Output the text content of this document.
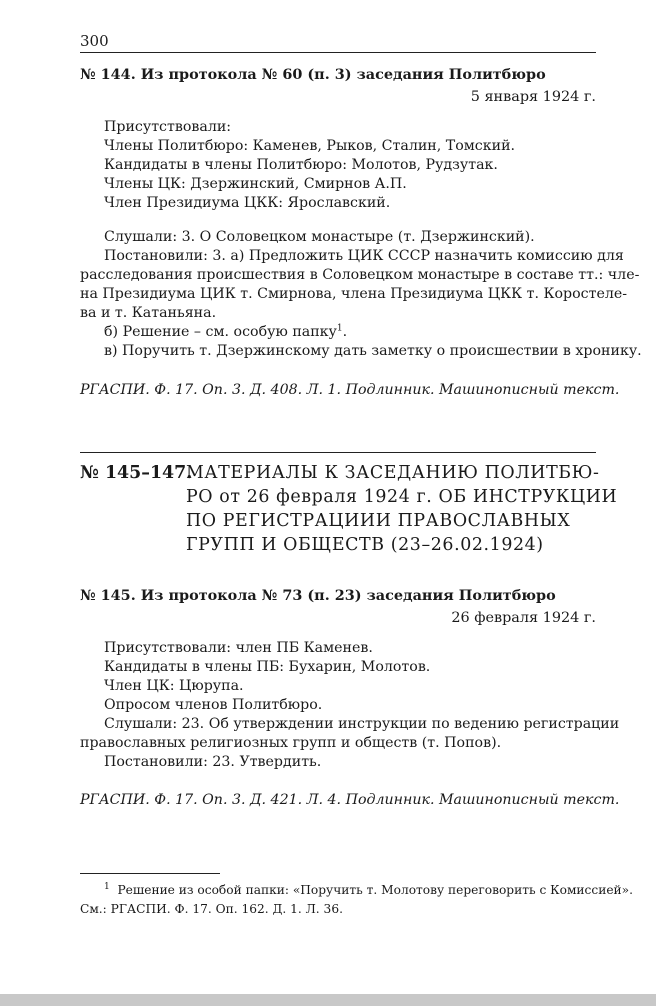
300
№ 144. Из протокола № 60 (п. 3) заседания Политбюро
5 января 1924 г.
Присутствовали:
Члены Политбюро: Каменев, Рыков, Сталин, Томский.
Кандидаты в члены Политбюро: Молотов, Рудзутак.
Члены ЦК: Дзержинский, Смирнов А.П.
Член Президиума ЦКК: Ярославский.
Слушали: 3. О Соловецком монастыре (т. Дзержинский).
Постановили: 3. а) Предложить ЦИК СССР назначить комиссию для
расследования происшествия в Соловецком монастыре в составе тт.: чле-
на Президиума ЦИК т. Смирнова, члена Президиума ЦКК т. Коростеле-
ва и т. Катаньяна.
б) Решение – см. особую папку$^1$.
в) Поручить т. Дзержинскому дать заметку о происшествии в хронику.
РГАСПИ. Ф. 17. Оп. 3. Д. 408. Л. 1. Подлинник. Машинописный текст.
№ 145–147.
МАТЕРИАЛЫ К ЗАСЕДАНИЮ ПОЛИТБЮ-
РО от 26 февраля 1924 г. ОБ ИНСТРУКЦИИ
ПО РЕГИСТРАЦИИИ ПРАВОСЛАВНЫХ
ГРУПП И ОБЩЕСТВ (23–26.02.1924)
№ 145. Из протокола № 73 (п. 23) заседания Политбюро
26 февраля 1924 г.
Присутствовали: член ПБ Каменев.
Кандидаты в члены ПБ: Бухарин, Молотов.
Член ЦК: Цюрупа.
Опросом членов Политбюро.
Слушали: 23. Об утверждении инструкции по ведению регистрации
православных религиозных групп и обществ (т. Попов).
Постановили: 23. Утвердить.
РГАСПИ. Ф. 17. Оп. 3. Д. 421. Л. 4. Подлинник. Машинописный текст.
$^1$ Решение из особой папки: «Поручить т. Молотову переговорить с Комиссией».
См.: РГАСПИ. Ф. 17. Оп. 162. Д. 1. Л. 36.
